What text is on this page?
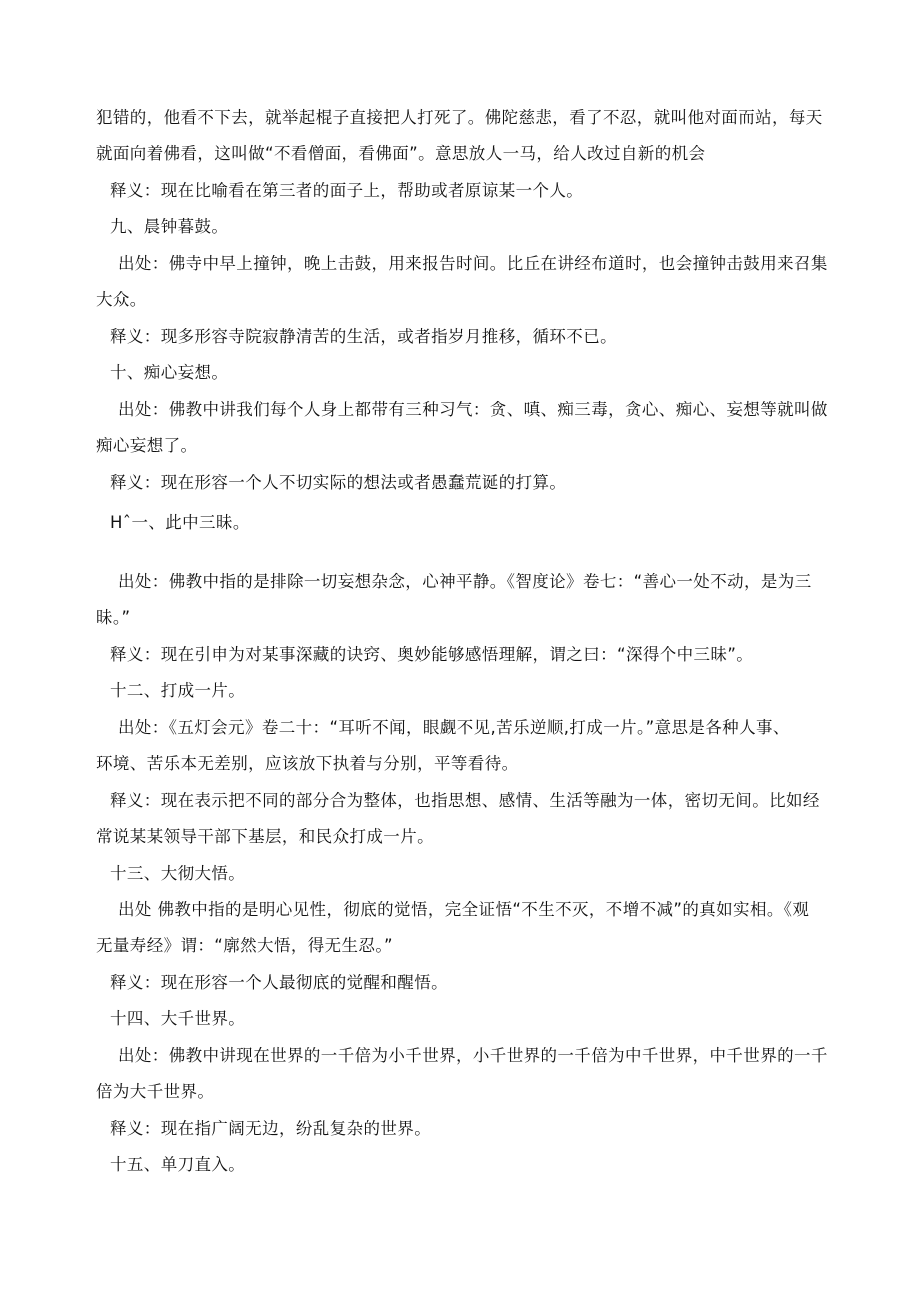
犯错的，他看不下去，就举起棍子直接把人打死了。佛陀慈悲，看了不忍，就叫他对面而站，每天
就面向着佛看，这叫做“不看僧面，看佛面”。意思放人一马，给人改过自新的机会
释义：现在比喻看在第三者的面子上，帮助或者原谅某一个人。
九、晨钟暮鼓。
出处：佛寺中早上撞钟，晚上击鼓，用来报告时间。比丘在讲经布道时，也会撞钟击鼓用来召集
大众。
释义：现多形容寺院寂静清苦的生活，或者指岁月推移，循环不已。
十、痴心妄想。
出处：佛教中讲我们每个人身上都带有三种习气：贪、嗔、痴三毒，贪心、痴心、妄想等就叫做
痴心妄想了。
释义：现在形容一个人不切实际的想法或者愚蠢荒诞的打算。
Hˆ一、此中三昧。
出处：佛教中指的是排除一切妄想杂念，心神平静。《智度论》卷七：“善心一处不动，是为三
昧。”
释义：现在引申为对某事深藏的诀窍、奥妙能够感悟理解，谓之曰：“深得个中三昧”。
十二、打成一片。
出处：《五灯会元》卷二十：“耳听不闻，眼觑不见,苦乐逆顺,打成一片。”意思是各种人事、
环境、苦乐本无差别，应该放下执着与分别，平等看待。
释义：现在表示把不同的部分合为整体，也指思想、感情、生活等融为一体，密切无间。比如经
常说某某领导干部下基层，和民众打成一片。
十三、大彻大悟。
出处 佛教中指的是明心见性，彻底的觉悟，完全证悟“不生不灭，不增不减”的真如实相。《观
无量寿经》谓：“廓然大悟，得无生忍。”
释义：现在形容一个人最彻底的觉醒和醒悟。
十四、大千世界。
出处：佛教中讲现在世界的一千倍为小千世界，小千世界的一千倍为中千世界，中千世界的一千
倍为大千世界。
释义：现在指广阔无边，纷乱复杂的世界。
十五、单刀直入。
